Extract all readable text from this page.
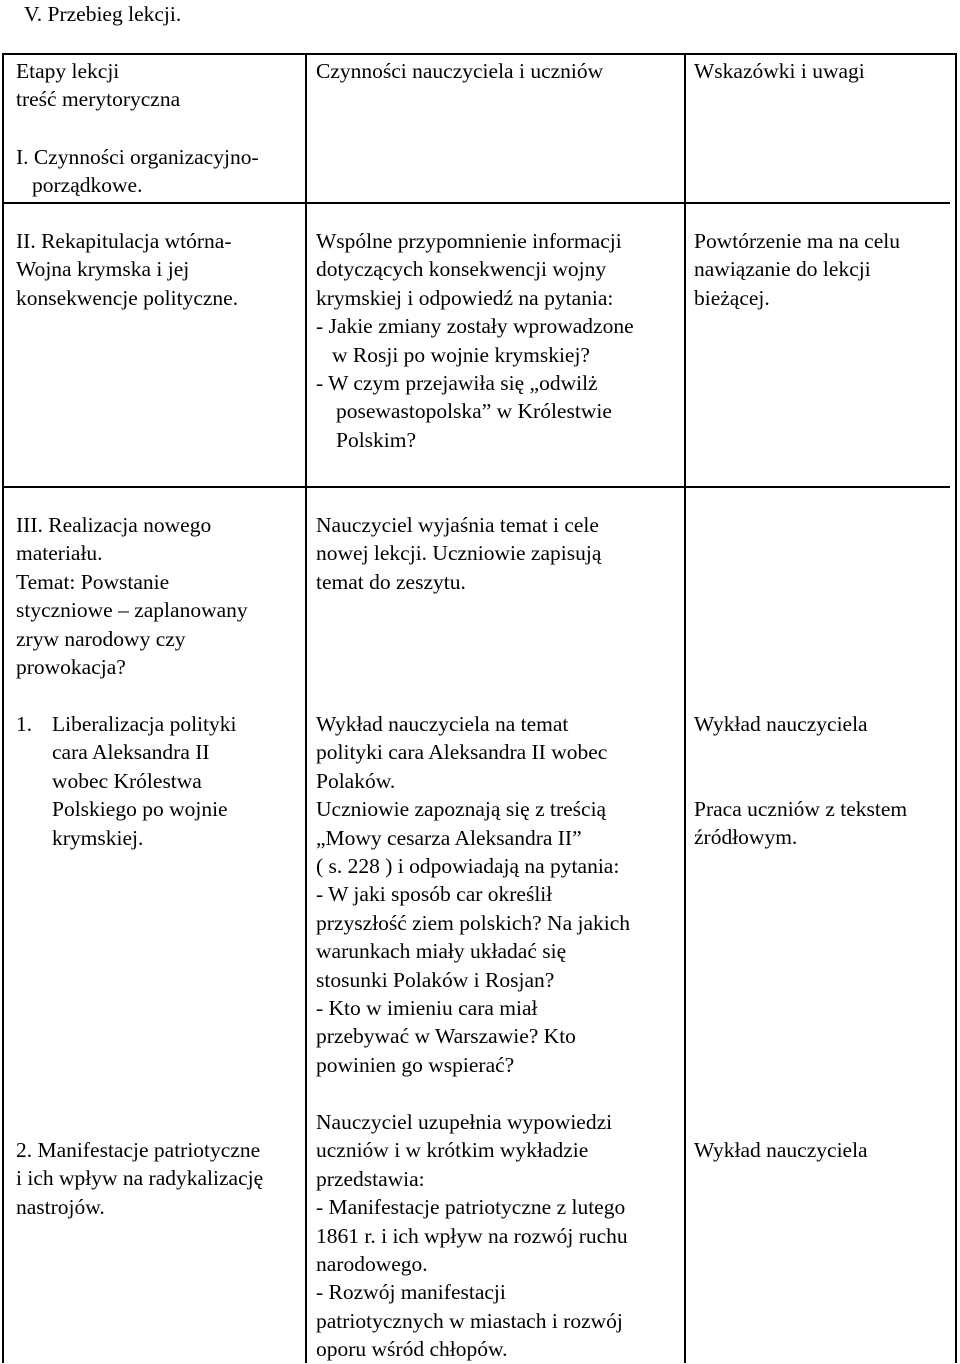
V. Przebieg lekcji.

Etapy lekcji

treść merytoryczna

Czynności nauczyciela i uczniów	Wskazówki i uwagi

I. Czynności organizacyjno-

porządkowe.

II. Rekapitulacja wtórna-

Wojna krymska i jej

konsekwencje polityczne.

Wspólne przypomnienie informacji

dotyczących konsekwencji wojny

krymskiej i odpowiedź na pytania:

- Jakie zmiany zostały wprowadzone

w Rosji po wojnie krymskiej?

- W czym przejawiła się „odwilż

posewastopolska” w Królestwie

Polskim?

Powtórzenie ma na celu

nawiązanie do lekcji

bieżącej.

III. Realizacja nowego

materiału.

Temat: Powstanie

styczniowe – zaplanowany

zryw narodowy czy

prowokacja?

Nauczyciel wyjaśnia temat i cele

nowej lekcji. Uczniowie zapisują

temat do zeszytu.

1. Liberalizacja polityki

cara Aleksandra II

wobec Królestwa

Polskiego po wojnie

krymskiej.

Wykład nauczyciela na temat

polityki cara Aleksandra II wobec

Polaków.

Uczniowie zapoznają się z treścią

„Mowy cesarza Aleksandra II”

( s. 228 ) i odpowiadają na pytania:

- W jaki sposób car określił

przyszłość ziem polskich? Na jakich

warunkach miały układać się

stosunki Polaków i Rosjan?

- Kto w imieniu cara miał

przebywać w Warszawie? Kto

powinien go wspierać?

Wykład nauczyciela

Praca uczniów z tekstem

źródłowym.

2. Manifestacje patriotyczne

i ich wpływ na radykalizację

nastrojów.

Nauczyciel uzupełnia wypowiedzi

uczniów i w krótkim wykładzie

przedstawia:

- Manifestacje patriotyczne z lutego

1861 r. i ich wpływ na rozwój ruchu

narodowego.

- Rozwój manifestacji

patriotycznych w miastach i rozwój

oporu wśród chłopów.

Wykład nauczyciela
